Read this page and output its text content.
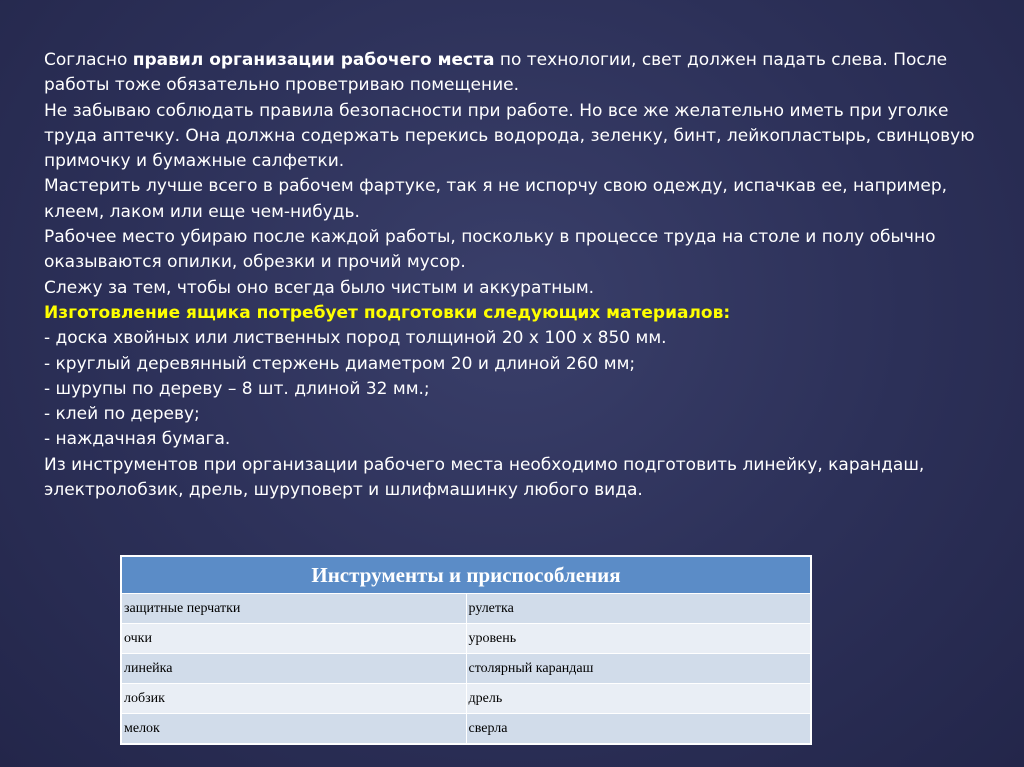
Согласно правил организации рабочего места по технологии, свет должен падать слева. После работы тоже обязательно проветриваю помещение.

Не забываю соблюдать правила безопасности при работе. Но все же желательно иметь при уголке труда аптечку. Она должна содержать перекись водорода, зеленку, бинт, лейкопластырь, свинцовую примочку и бумажные салфетки.

Мастерить лучше всего в рабочем фартуке, так я не испорчу свою одежду, испачкав ее, например, клеем, лаком или еще чем-нибудь.

Рабочее место убираю после каждой работы, поскольку в процессе труда на столе и полу обычно оказываются опилки, обрезки и прочий мусор.

Слежу за тем, чтобы оно всегда было чистым и аккуратным.

Изготовление ящика потребует подготовки следующих материалов:

- доска хвойных или лиственных пород толщиной 20 х 100 х 850 мм.

- круглый деревянный стержень диаметром 20 и длиной 260 мм;

- шурупы по дереву – 8 шт. длиной 32 мм.;

- клей по дереву;

- наждачная бумага.

Из инструментов при организации рабочего места необходимо подготовить линейку, карандаш, электролобзик, дрель, шуруповерт и шлифмашинку любого вида.

Инструменты и приспособления	
защитные перчатки	рулетка
очки	уровень
линейка	столярный карандаш
лобзик	дрель
мелок	сверла
